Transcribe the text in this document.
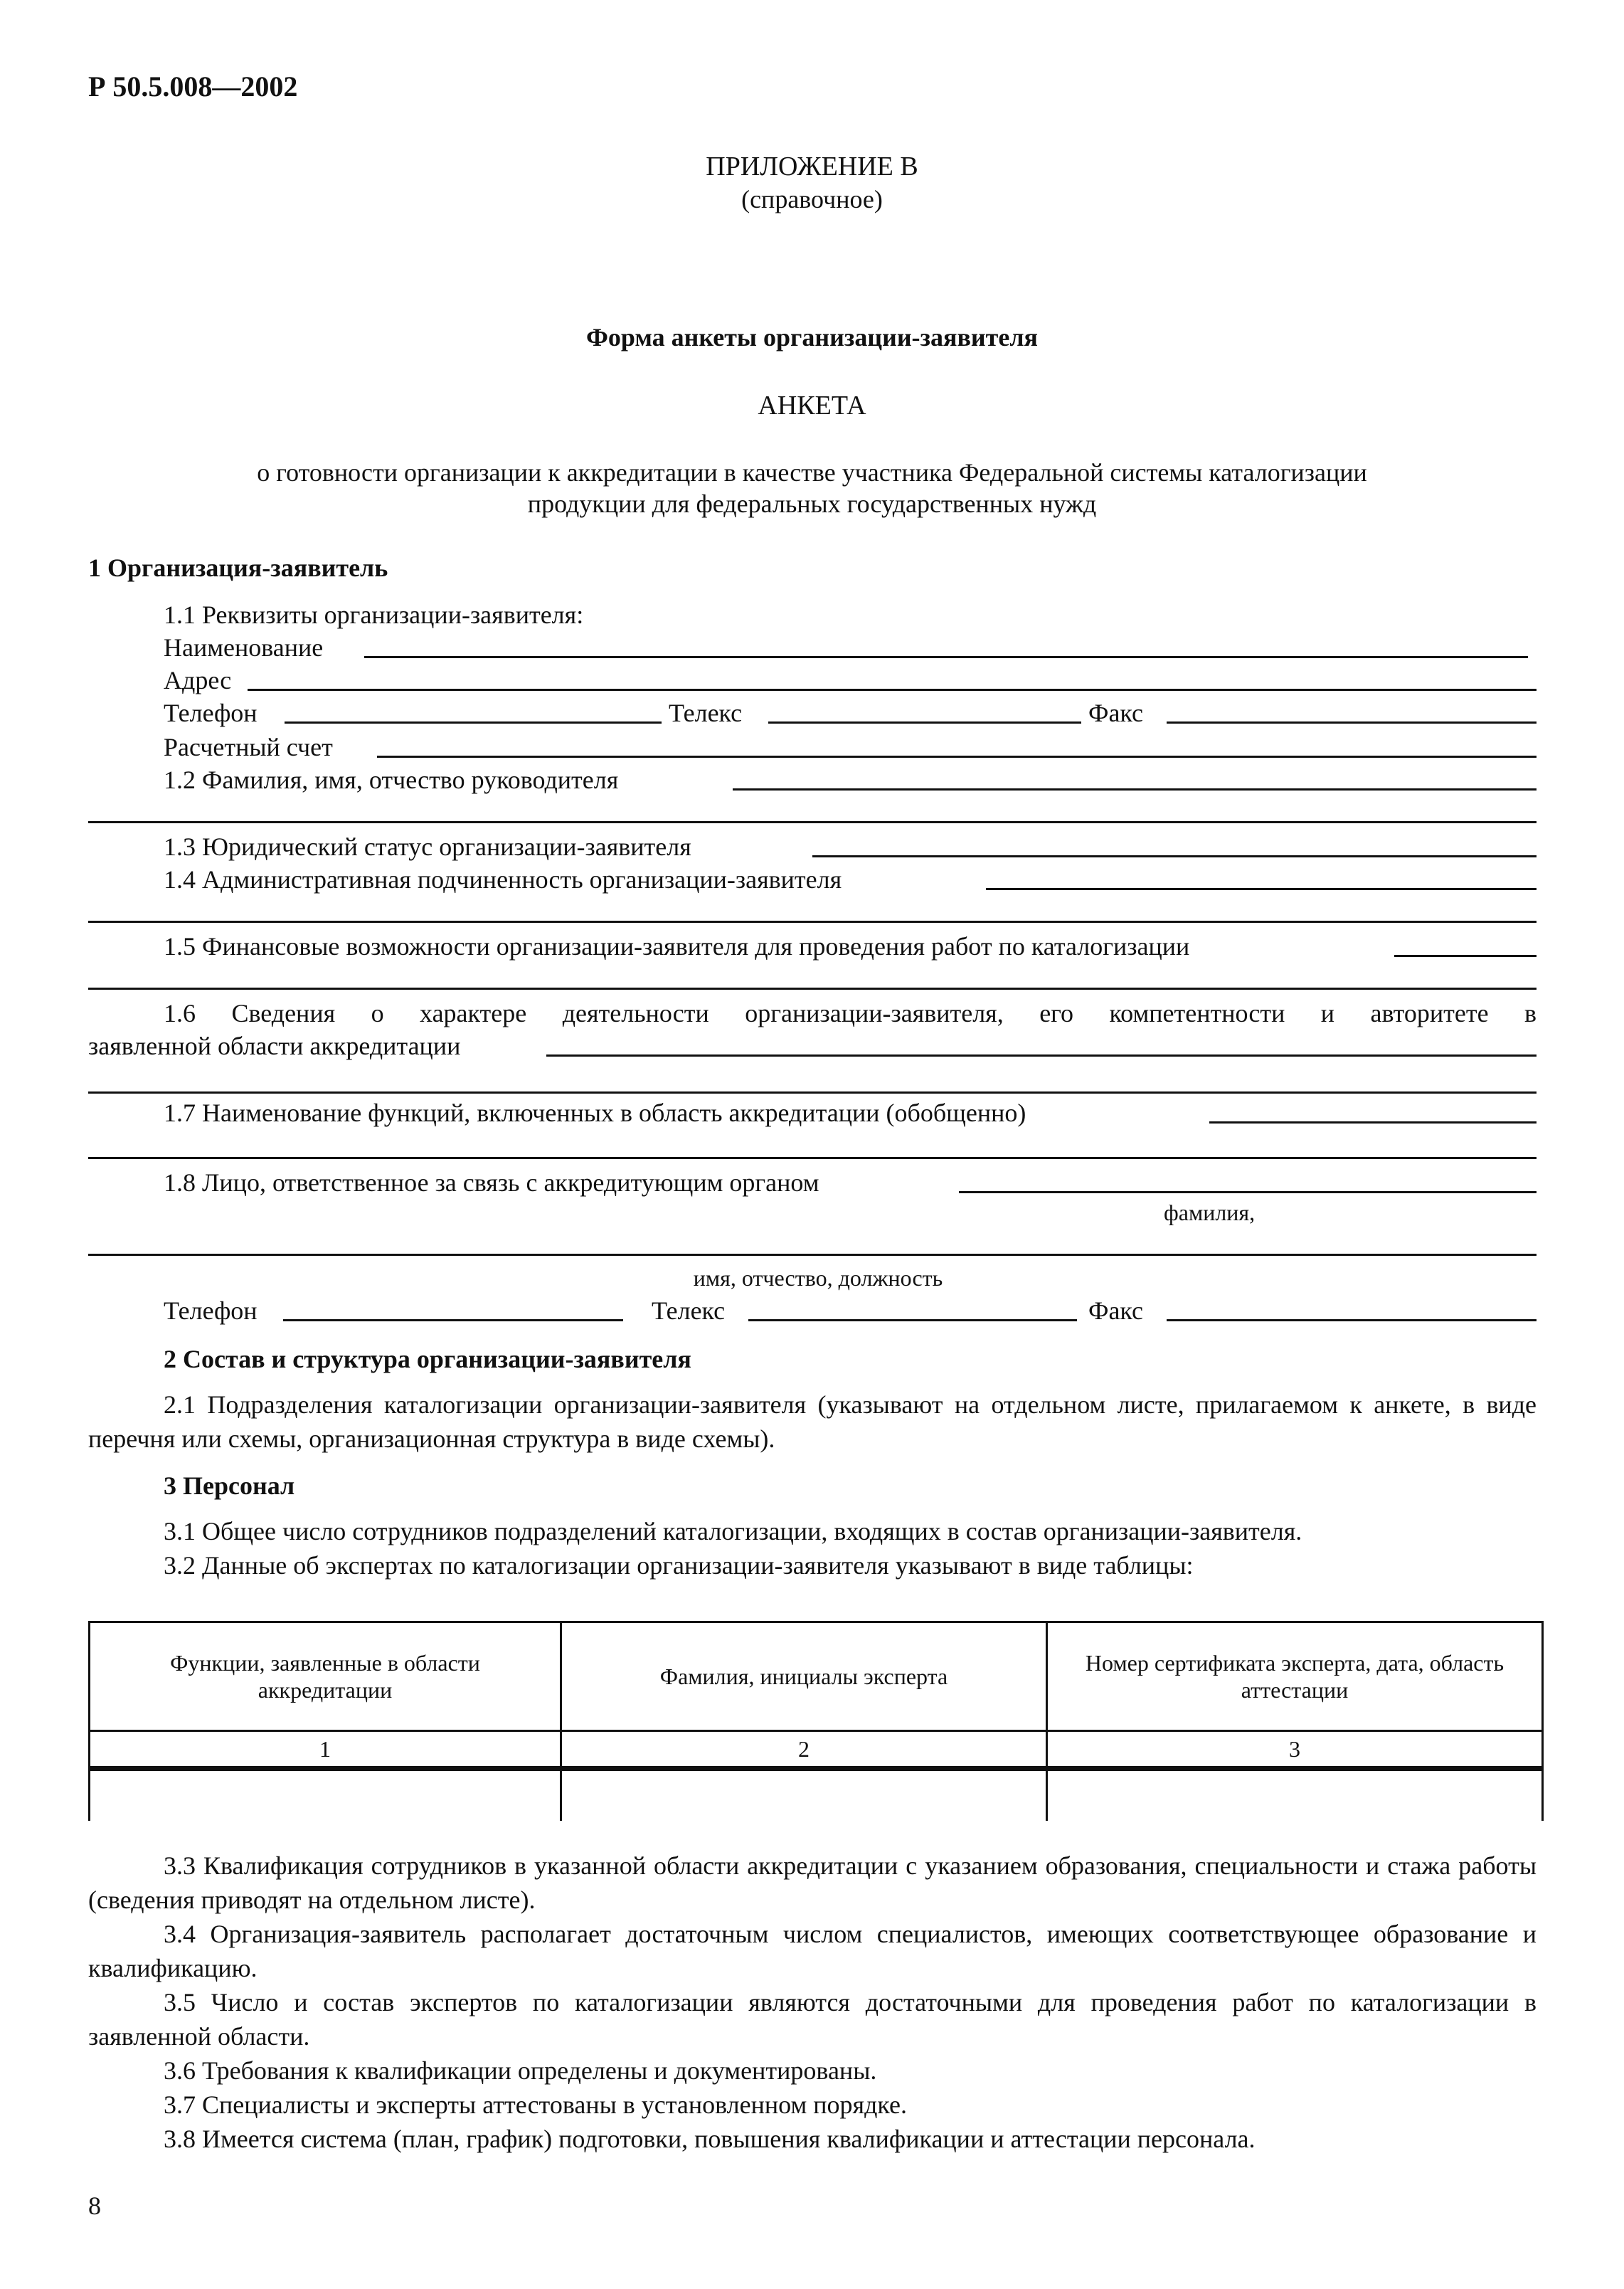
Р 50.5.008—2002
ПРИЛОЖЕНИЕ В
(справочное)
Форма анкеты организации-заявителя
АНКЕТА
о готовности организации к аккредитации в качестве участника Федеральной системы каталогизации
продукции для федеральных государственных нужд
1 Организация-заявитель
1.1 Реквизиты организации-заявителя:
Наименование
Адрес
Телефон	Телекс	Факс
Расчетный счет
1.2 Фамилия, имя, отчество руководителя
1.3 Юридический статус организации-заявителя
1.4 Административная подчиненность организации-заявителя
1.5 Финансовые возможности организации-заявителя для проведения работ по каталогизации
1.6 Сведения о характере деятельности организации-заявителя, его компетентности и авторитете в
заявленной области аккредитации
1.7 Наименование функций, включенных в область аккредитации (обобщенно)
1.8 Лицо, ответственное за связь с аккредитующим органом
фамилия,
имя, отчество, должность
Телефон	Телекс	Факс
2 Состав и структура организации-заявителя
2.1 Подразделения каталогизации организации-заявителя (указывают на отдельном листе, прилагаемом к анкете, в виде перечня или схемы, организационная структура в виде схемы).
3 Персонал
3.1 Общее число сотрудников подразделений каталогизации, входящих в состав организации-заявителя.
3.2 Данные об экспертах по каталогизации организации-заявителя указывают в виде таблицы:
Функции, заявленные в области аккредитации	Фамилия, инициалы эксперта	Номер сертификата эксперта, дата, область аттестации
1	2	3

3.3 Квалификация сотрудников в указанной области аккредитации с указанием образования, специальности и стажа работы (сведения приводят на отдельном листе).
3.4 Организация-заявитель располагает достаточным числом специалистов, имеющих соответствующее образование и квалификацию.
3.5 Число и состав экспертов по каталогизации являются достаточными для проведения работ по каталогизации в заявленной области.
3.6 Требования к квалификации определены и документированы.
3.7 Специалисты и эксперты аттестованы в установленном порядке.
3.8 Имеется система (план, график) подготовки, повышения квалификации и аттестации персонала.
8
